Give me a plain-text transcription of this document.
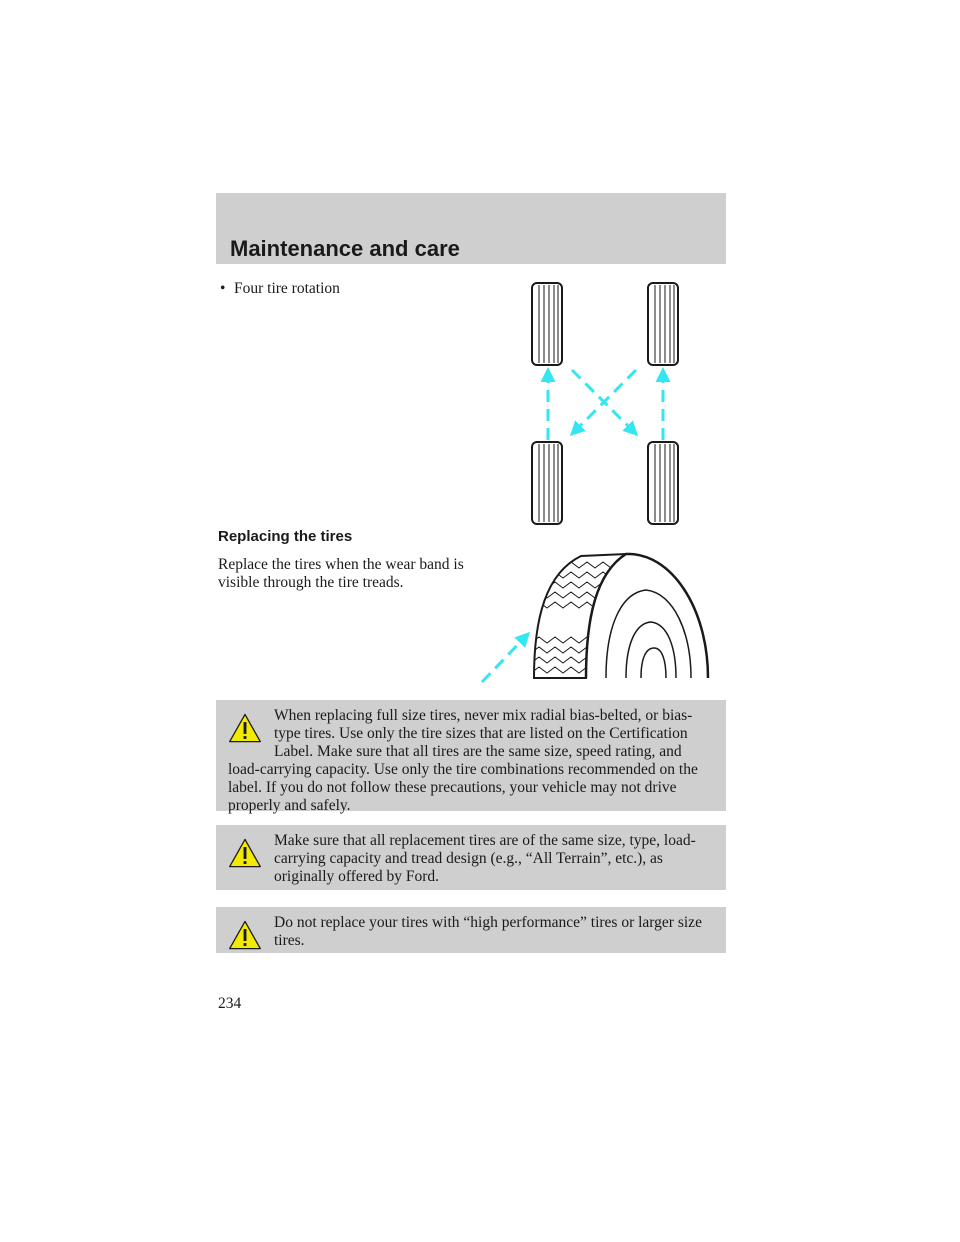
Maintenance and care
• Four tire rotation
Replacing the tires

Replace the tires when the wear band is visible through the tire treads.

When replacing full size tires, never mix radial bias-belted, or bias-type tires. Use only the tire sizes that are listed on the Certification Label. Make sure that all tires are the same size, speed rating, and load-carrying capacity. Use only the tire combinations recommended on the label. If you do not follow these precautions, your vehicle may not drive properly and safely.

Make sure that all replacement tires are of the same size, type, load-carrying capacity and tread design (e.g., “All Terrain”, etc.), as originally offered by Ford.

Do not replace your tires with “high performance” tires or larger size tires.

234
